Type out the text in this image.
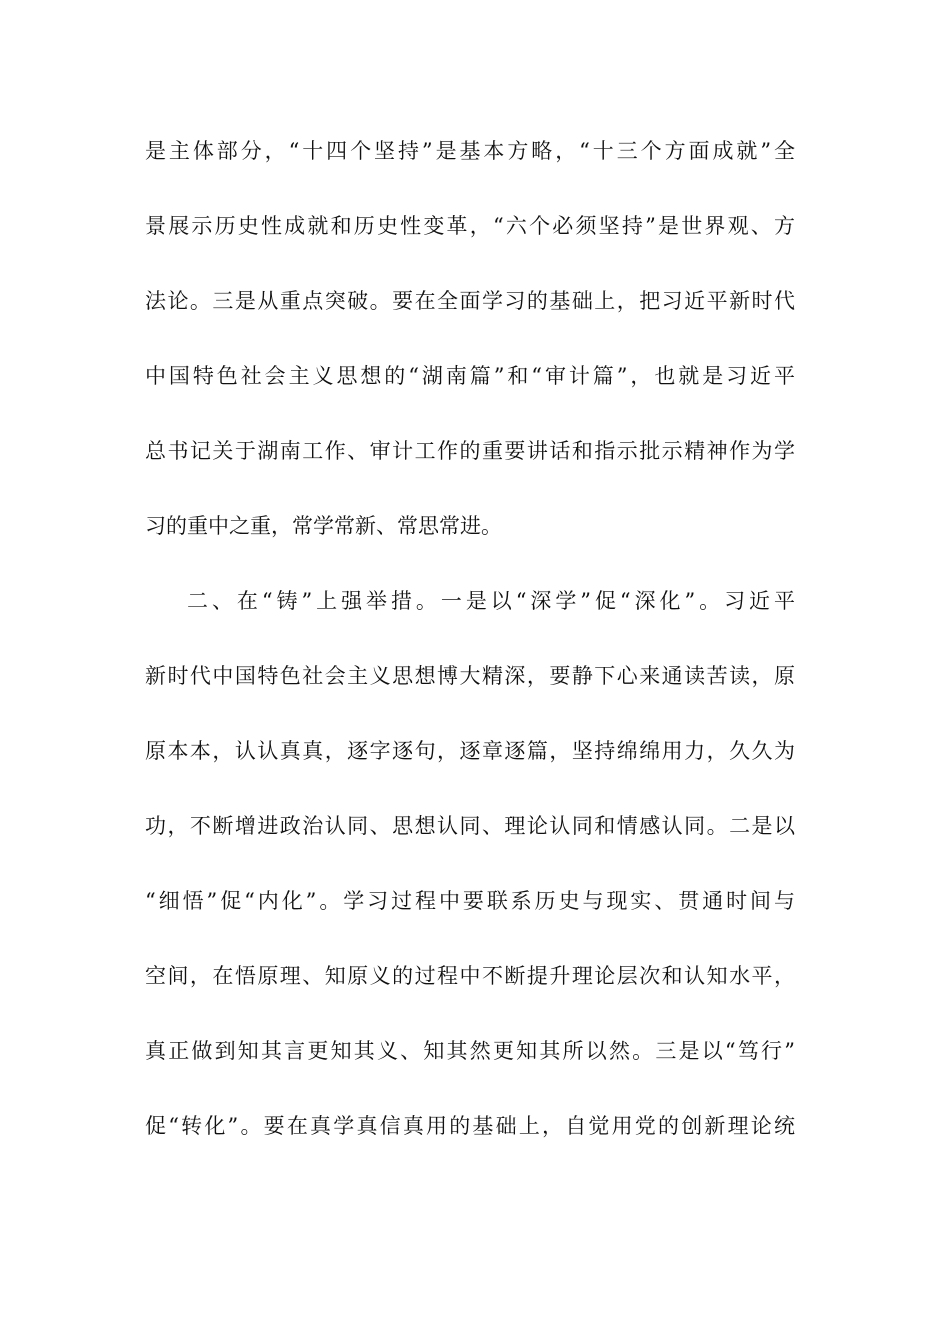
是主体部分，“十四个坚持”是基本方略，“十三个方面成就”全
景展示历史性成就和历史性变革，“六个必须坚持”是世界观、方
法论。三是从重点突破。要在全面学习的基础上，把习近平新时代
中国特色社会主义思想的“湖南篇”和“审计篇”，也就是习近平
总书记关于湖南工作、审计工作的重要讲话和指示批示精神作为学
习的重中之重，常学常新、常思常进。
二、在“铸”上强举措。一是以“深学”促“深化”。习近平
新时代中国特色社会主义思想博大精深，要静下心来通读苦读，原
原本本，认认真真，逐字逐句，逐章逐篇，坚持绵绵用力，久久为
功，不断增进政治认同、思想认同、理论认同和情感认同。二是以
“细悟”促“内化”。学习过程中要联系历史与现实、贯通时间与
空间，在悟原理、知原义的过程中不断提升理论层次和认知水平，
真正做到知其言更知其义、知其然更知其所以然。三是以“笃行”
促“转化”。要在真学真信真用的基础上，自觉用党的创新理论统
